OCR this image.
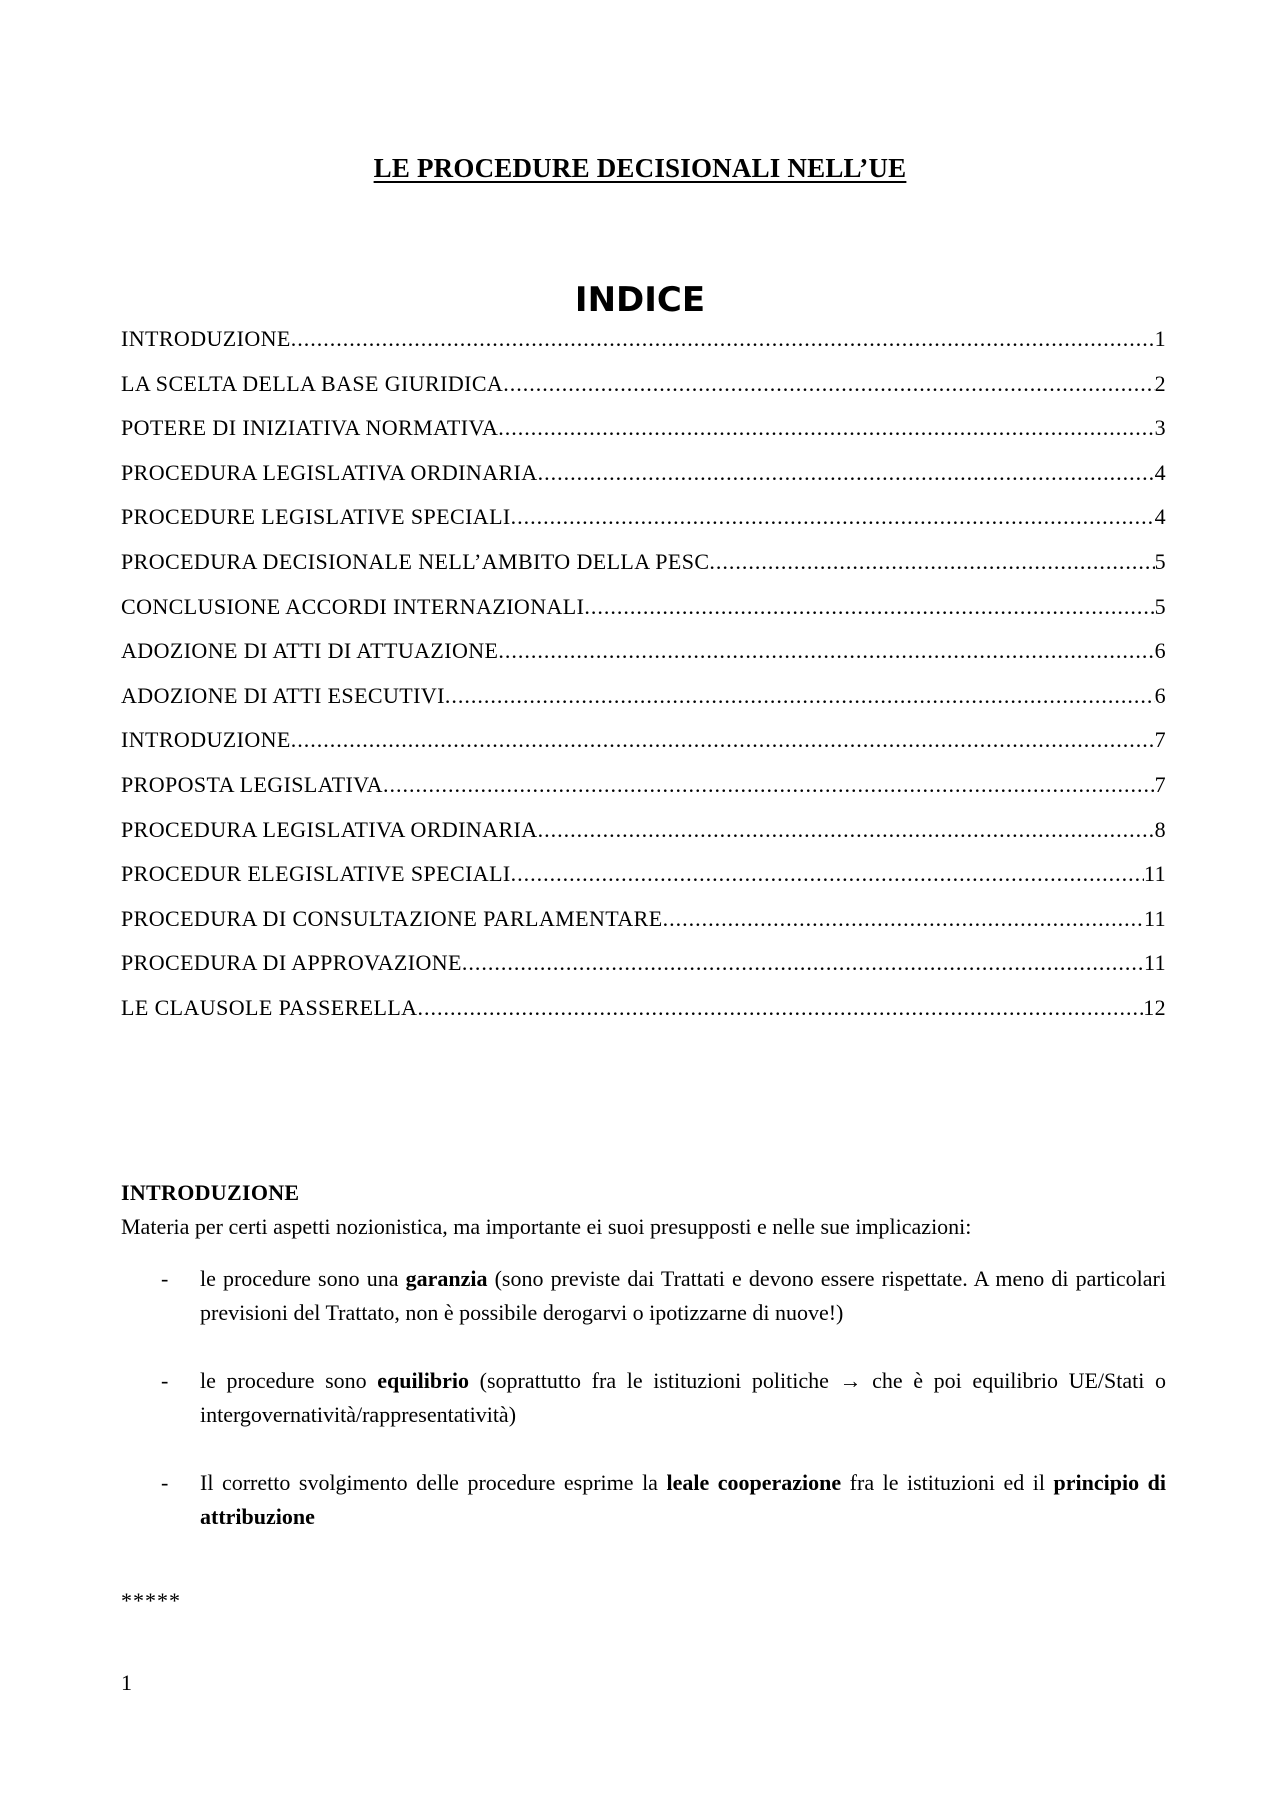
LE PROCEDURE DECISIONALI NELL’UE
INDICE
INTRODUZIONE .....	1
LA SCELTA DELLA BASE GIURIDICA .....	2
POTERE DI INIZIATIVA NORMATIVA .....	3
PROCEDURA LEGISLATIVA ORDINARIA .....	4
PROCEDURE LEGISLATIVE SPECIALI .....	4
PROCEDURA DECISIONALE NELL’AMBITO DELLA PESC .....	5
CONCLUSIONE ACCORDI INTERNAZIONALI .....	5
ADOZIONE DI ATTI DI ATTUAZIONE .....	6
ADOZIONE DI ATTI ESECUTIVI .....	6
INTRODUZIONE .....	7
PROPOSTA LEGISLATIVA .....	7
PROCEDURA LEGISLATIVA ORDINARIA .....	8
PROCEDUR ELEGISLATIVE SPECIALI .....	11
PROCEDURA DI CONSULTAZIONE PARLAMENTARE .....	11
PROCEDURA DI APPROVAZIONE .....	11
LE CLAUSOLE PASSERELLA .....	12
INTRODUZIONE
Materia per certi aspetti nozionistica, ma importante ei suoi presupposti e nelle sue implicazioni:
- le procedure sono una garanzia (sono previste dai Trattati e devono essere rispettate. A meno di particolari previsioni del Trattato, non è possibile derogarvi o ipotizzarne di nuove!)
- le procedure sono equilibrio (soprattutto fra le istituzioni politiche → che è poi equilibrio UE/Stati o intergovernatività/rappresentatività)
- Il corretto svolgimento delle procedure esprime la leale cooperazione fra le istituzioni ed il principio di attribuzione
*****
1
